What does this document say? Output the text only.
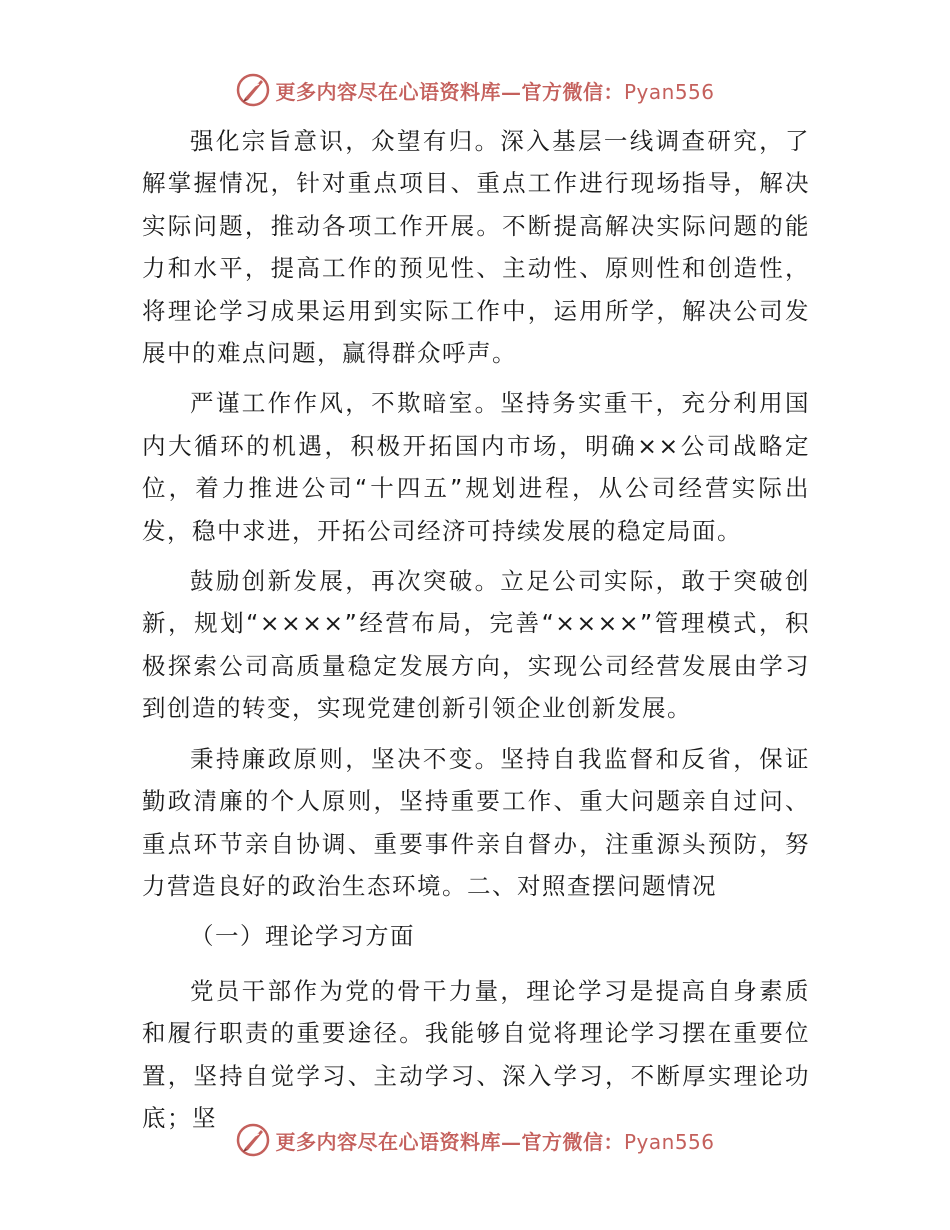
更多内容尽在心语资料库—官方微信：Pyan556

强化宗旨意识，众望有归。深入基层一线调查研究，了解掌握情况，针对重点项目、重点工作进行现场指导，解决实际问题，推动各项工作开展。不断提高解决实际问题的能力和水平，提高工作的预见性、主动性、原则性和创造性，将理论学习成果运用到实际工作中，运用所学，解决公司发展中的难点问题，赢得群众呼声。

严谨工作作风，不欺暗室。坚持务实重干，充分利用国内大循环的机遇，积极开拓国内市场，明确××公司战略定位，着力推进公司“十四五”规划进程，从公司经营实际出发，稳中求进，开拓公司经济可持续发展的稳定局面。

鼓励创新发展，再次突破。立足公司实际，敢于突破创新，规划“××××”经营布局，完善“××××”管理模式，积极探索公司高质量稳定发展方向，实现公司经营发展由学习到创造的转变，实现党建创新引领企业创新发展。

秉持廉政原则，坚决不变。坚持自我监督和反省，保证勤政清廉的个人原则，坚持重要工作、重大问题亲自过问、重点环节亲自协调、重要事件亲自督办，注重源头预防，努力营造良好的政治生态环境。二、对照查摆问题情况

（一）理论学习方面

党员干部作为党的骨干力量，理论学习是提高自身素质和履行职责的重要途径。我能够自觉将理论学习摆在重要位置，坚持自觉学习、主动学习、深入学习，不断厚实理论功底；坚

更多内容尽在心语资料库—官方微信：Pyan556
